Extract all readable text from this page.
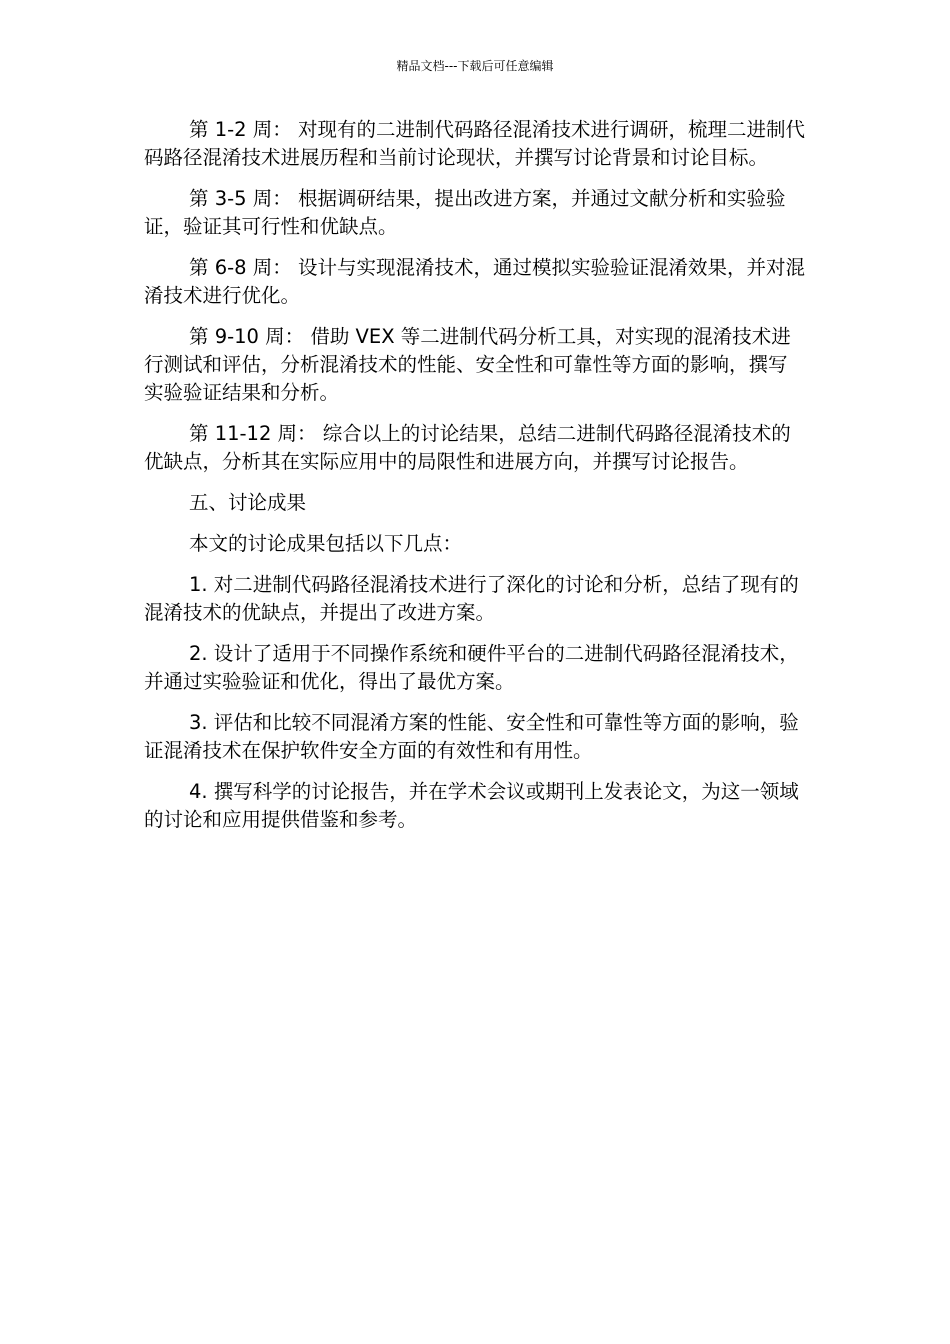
精品文档---下载后可任意编辑

第 1-2 周： 对现有的二进制代码路径混淆技术进行调研，梳理二进制代码路径混淆技术进展历程和当前讨论现状，并撰写讨论背景和讨论目标。

第 3-5 周： 根据调研结果，提出改进方案，并通过文献分析和实验验证，验证其可行性和优缺点。

第 6-8 周： 设计与实现混淆技术，通过模拟实验验证混淆效果，并对混淆技术进行优化。

第 9-10 周： 借助 VEX 等二进制代码分析工具，对实现的混淆技术进行测试和评估，分析混淆技术的性能、安全性和可靠性等方面的影响，撰写实验验证结果和分析。

第 11-12 周： 综合以上的讨论结果，总结二进制代码路径混淆技术的优缺点，分析其在实际应用中的局限性和进展方向，并撰写讨论报告。

五、讨论成果

本文的讨论成果包括以下几点：

1. 对二进制代码路径混淆技术进行了深化的讨论和分析，总结了现有的混淆技术的优缺点，并提出了改进方案。

2. 设计了适用于不同操作系统和硬件平台的二进制代码路径混淆技术，并通过实验验证和优化，得出了最优方案。

3. 评估和比较不同混淆方案的性能、安全性和可靠性等方面的影响，验证混淆技术在保护软件安全方面的有效性和有用性。

4. 撰写科学的讨论报告，并在学术会议或期刊上发表论文，为这一领域的讨论和应用提供借鉴和参考。
